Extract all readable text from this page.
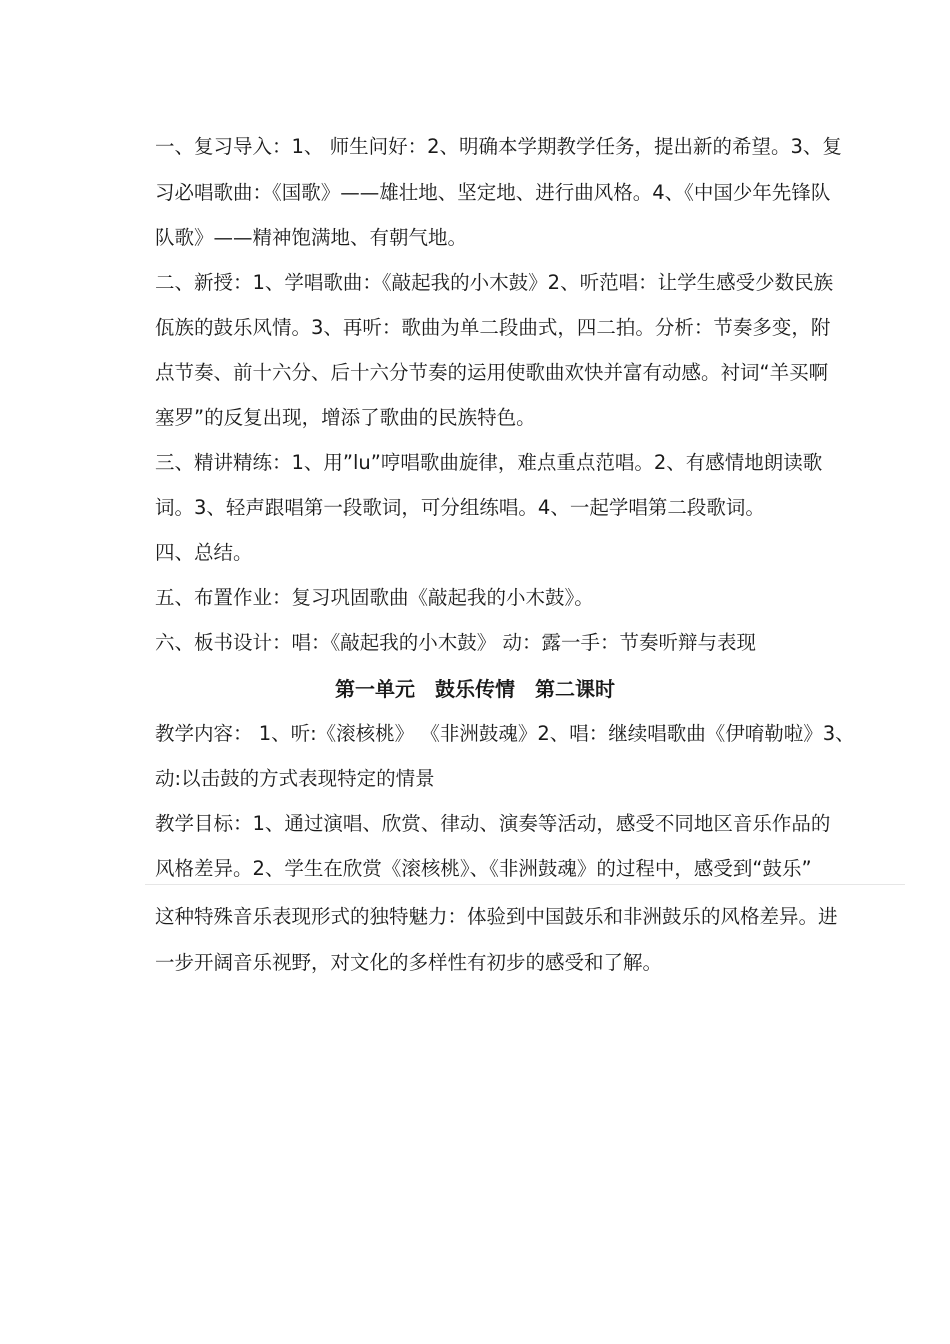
一、复习导入：1、 师生问好：2、明确本学期教学任务，提出新的希望。3、复
习必唱歌曲：《国歌》——雄壮地、坚定地、进行曲风格。4、《中国少年先锋队
队歌》——精神饱满地、有朝气地。
二、新授：1、学唱歌曲：《敲起我的小木鼓》2、听范唱：让学生感受少数民族
佤族的鼓乐风情。3、再听：歌曲为单二段曲式，四二拍。分析：节奏多变，附
点节奏、前十六分、后十六分节奏的运用使歌曲欢快并富有动感。衬词“羊买啊
塞罗”的反复出现，增添了歌曲的民族特色。
三、精讲精练：1、用”lu”哼唱歌曲旋律，难点重点范唱。2、有感情地朗读歌
词。3、轻声跟唱第一段歌词，可分组练唱。4、一起学唱第二段歌词。
四、总结。
五、布置作业：复习巩固歌曲《敲起我的小木鼓》。
六、板书设计：唱：《敲起我的小木鼓》 动：露一手：节奏听辩与表现
第一单元　鼓乐传情　第二课时
教学内容： 1、听:《滚核桃》 《非洲鼓魂》2、唱：继续唱歌曲《伊唷勒啦》3、
动:以击鼓的方式表现特定的情景
教学目标：1、通过演唱、欣赏、律动、演奏等活动，感受不同地区音乐作品的
风格差异。2、学生在欣赏《滚核桃》、《非洲鼓魂》的过程中，感受到“鼓乐”
这种特殊音乐表现形式的独特魅力：体验到中国鼓乐和非洲鼓乐的风格差异。进
一步开阔音乐视野，对文化的多样性有初步的感受和了解。
